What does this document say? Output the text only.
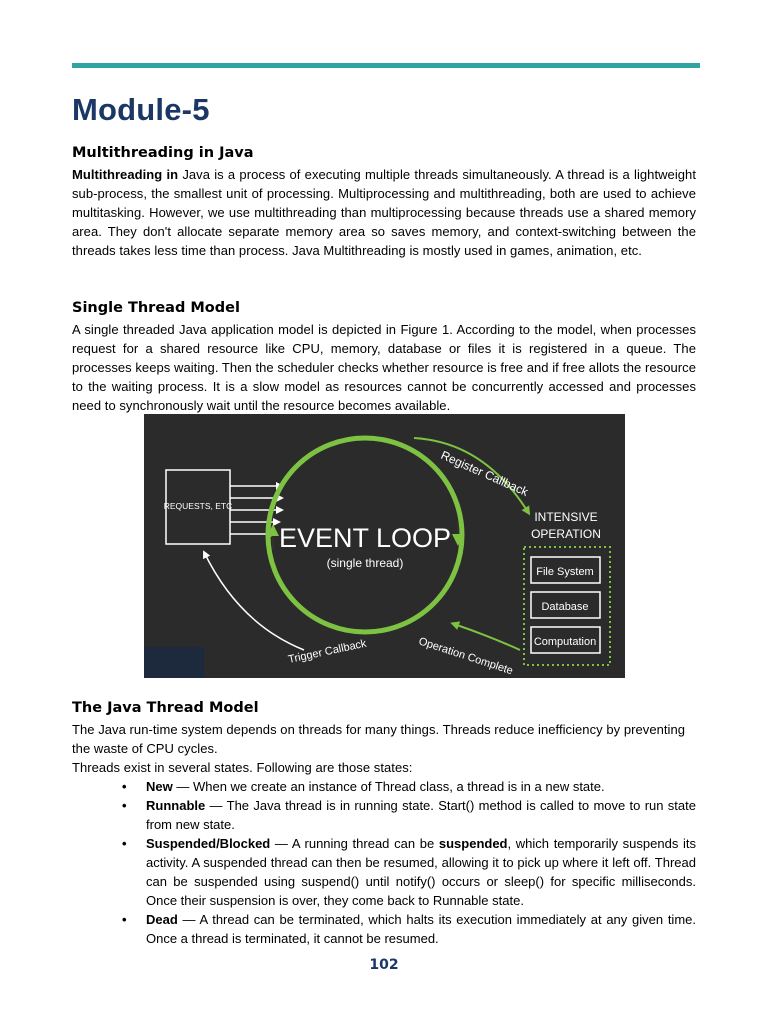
Module-5
Multithreading in Java

Multithreading in Java is a process of executing multiple threads simultaneously. A thread is a lightweight sub-process, the smallest unit of processing. Multiprocessing and multithreading, both are used to achieve multitasking. However, we use multithreading than multiprocessing because threads use a shared memory area. They don't allocate separate memory area so saves memory, and context-switching between the threads takes less time than process. Java Multithreading is mostly used in games, animation, etc.

Single Thread Model

A single threaded Java application model is depicted in Figure 1. According to the model, when processes request for a shared resource like CPU, memory, database or files it is registered in a queue. The processes keeps waiting. Then the scheduler checks whether resource is free and if free allots the resource to the waiting process. It is a slow model as resources cannot be concurrently accessed and processes need to synchronously wait until the resource becomes available.

REQUESTS, ETC
EVENT LOOP
(single thread)
Register Callback
INTENSIVE
OPERATION
File System
Database
Computation
Operation Complete
Trigger Callback
The Java Thread Model

The Java run-time system depends on threads for many things. Threads reduce inefficiency by preventing the waste of CPU cycles.

Threads exist in several states. Following are those states:

• New — When we create an instance of Thread class, a thread is in a new state.
• Runnable — The Java thread is in running state. Start() method is called to move to run state from new state.
• Suspended/Blocked — A running thread can be suspended, which temporarily suspends its activity. A suspended thread can then be resumed, allowing it to pick up where it left off. Thread can be suspended using suspend() until notify() occurs or sleep() for specific milliseconds. Once their suspension is over, they come back to Runnable state.
• Dead — A thread can be terminated, which halts its execution immediately at any given time. Once a thread is terminated, it cannot be resumed.
102
